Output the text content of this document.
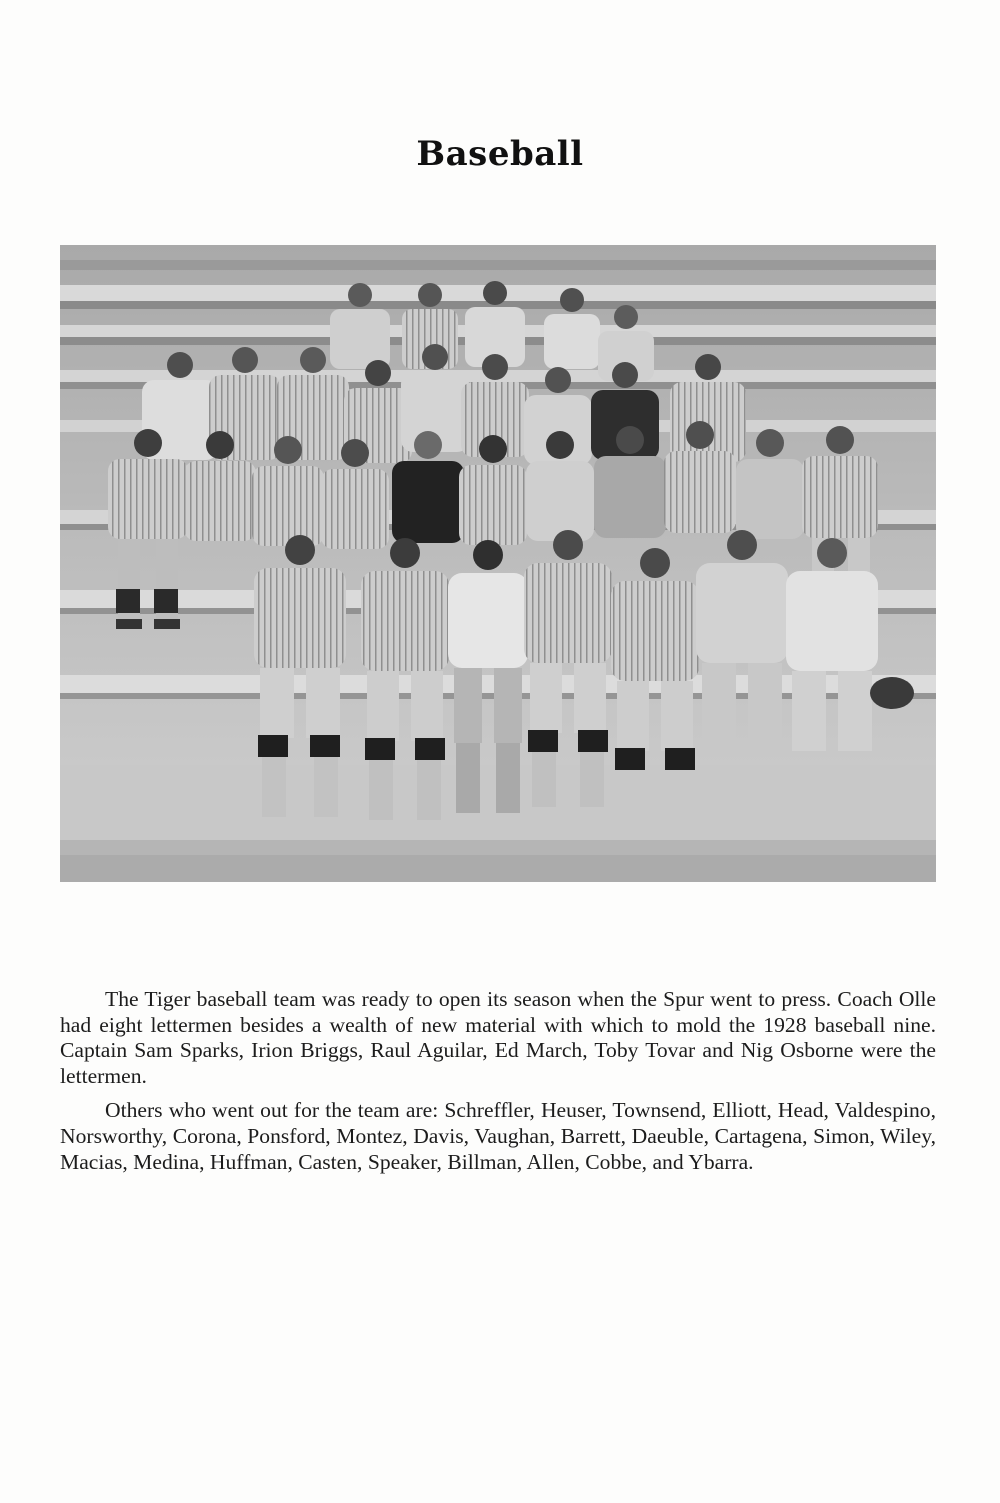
Baseball

The Tiger baseball team was ready to open its season when the Spur went to press. Coach Olle had eight lettermen besides a wealth of new material with which to mold the 1928 baseball nine. Captain Sam Sparks, Irion Briggs, Raul Aguilar, Ed March, Toby Tovar and Nig Osborne were the lettermen.

Others who went out for the team are: Schreffler, Heuser, Townsend, Elliott, Head, Valdespino, Norsworthy, Corona, Ponsford, Montez, Davis, Vaughan, Barrett, Daeuble, Cartagena, Simon, Wiley, Macias, Medina, Huffman, Casten, Speaker, Billman, Allen, Cobbe, and Ybarra.
